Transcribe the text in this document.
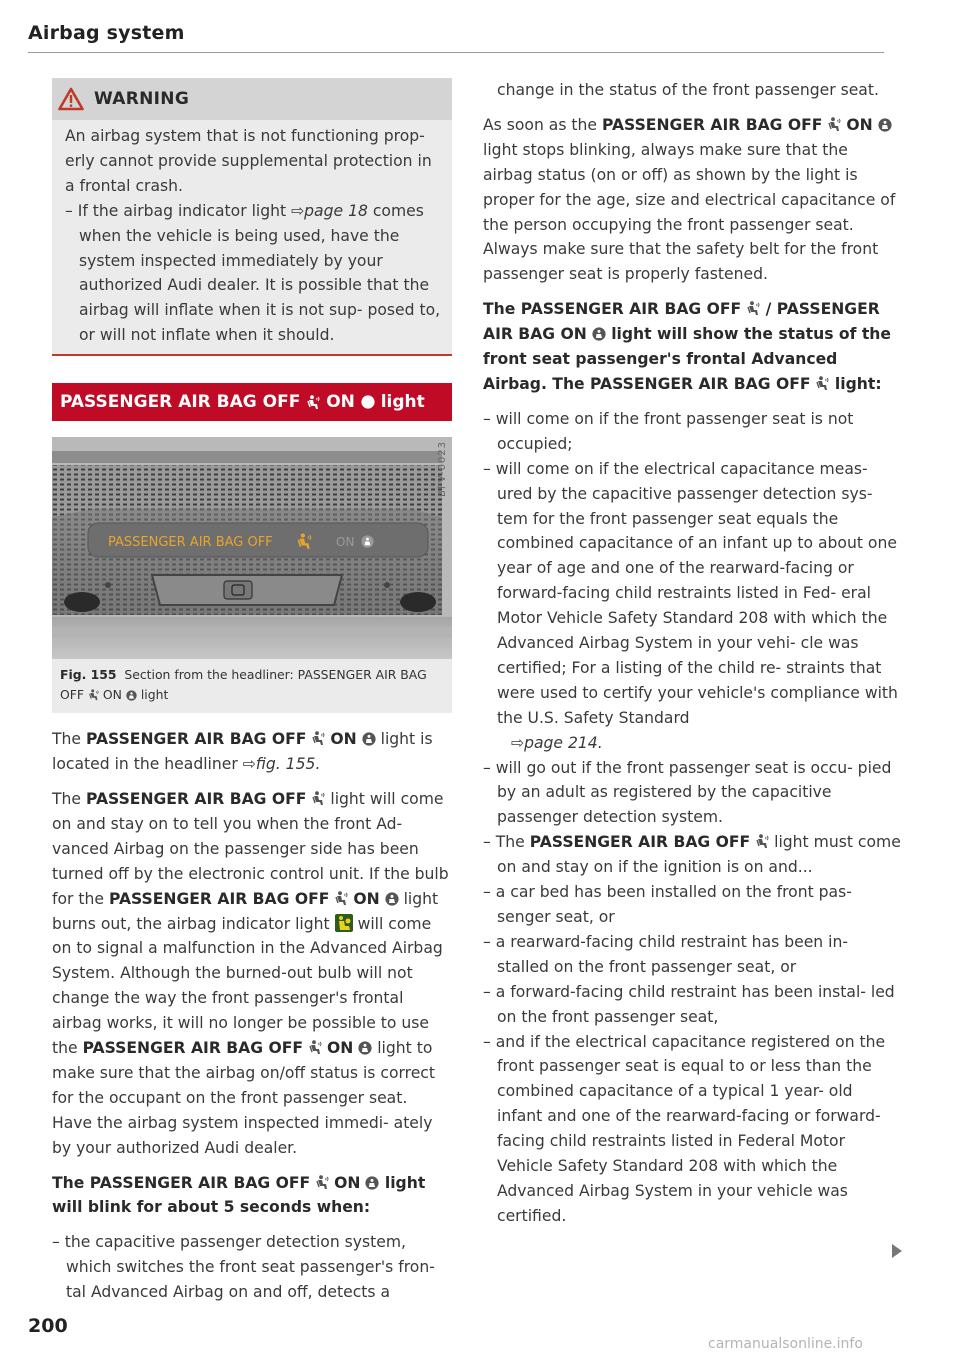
Airbag system
WARNING

An airbag system that is not functioning prop- erly cannot provide supplemental protection in a frontal crash.

– If the airbag indicator light ⇨page 18 comes when the vehicle is being used, have the system inspected immediately by your authorized Audi dealer. It is possible that the airbag will inflate when it is not sup- posed to, or will not inflate when it should.
PASSENGER AIR BAG OFF

ON

light
PASSENGER AIR BAG OFF	ON
BFV-0023
Fig. 155 Section from the headliner: PASSENGER AIR BAG OFF ON light

The PASSENGER AIR BAG OFF ON  light is located in the headliner ⇨fig. 155.

The PASSENGER AIR BAG OFF  light will come on and stay on to tell you when the front Ad- vanced Airbag on the passenger side has been turned off by the electronic control unit. If the bulb for the PASSENGER AIR BAG OFF ON  light burns out, the airbag indicator light  will come on to signal a malfunction in the Advanced Airbag System. Although the burned-out bulb will not change the way the front passenger's frontal airbag works, it will no longer be possible to use the PASSENGER AIR BAG OFF ON  light to make sure that the airbag on/off status is correct for the occupant on the front passenger seat. Have the airbag system inspected immedi- ately by your authorized Audi dealer.

The PASSENGER AIR BAG OFF ON  light will blink for about 5 seconds when:

– the capacitive passenger detection system, which switches the front seat passenger's fron- tal Advanced Airbag on and off, detects a

change in the status of the front passenger seat.

As soon as the PASSENGER AIR BAG OFF ON  light stops blinking, always make sure that the airbag status (on or off) as shown by the light is proper for the age, size and electrical capacitance of the person occupying the front passenger seat. Always make sure that the safety belt for the front passenger seat is properly fastened.

The PASSENGER AIR BAG OFF  / PASSENGER AIR BAG ON  light will show the status of the front seat passenger's frontal Advanced Airbag. The PASSENGER AIR BAG OFF  light:

– will come on if the front passenger seat is not occupied;
– will come on if the electrical capacitance meas- ured by the capacitive passenger detection sys- tem for the front passenger seat equals the combined capacitance of an infant up to about one year of age and one of the rearward-facing or forward-facing child restraints listed in Fed- eral Motor Vehicle Safety Standard 208 with which the Advanced Airbag System in your vehi- cle was certified; For a listing of the child re- straints that were used to certify your vehicle's compliance with the U.S. Safety Standard
⇨page 214.
– will go out if the front passenger seat is occu- pied by an adult as registered by the capacitive passenger detection system.
– The PASSENGER AIR BAG OFF  light must come on and stay on if the ignition is on and...
– a car bed has been installed on the front pas- senger seat, or
– a rearward-facing child restraint has been in- stalled on the front passenger seat, or
– a forward-facing child restraint has been instal- led on the front passenger seat,
– and if the electrical capacitance registered on the front passenger seat is equal to or less than the combined capacitance of a typical 1 year- old infant and one of the rearward-facing or forward-facing child restraints listed in Federal Motor Vehicle Safety Standard 208 with which the Advanced Airbag System in your vehicle was certified.
200
carmanualsonline.info
